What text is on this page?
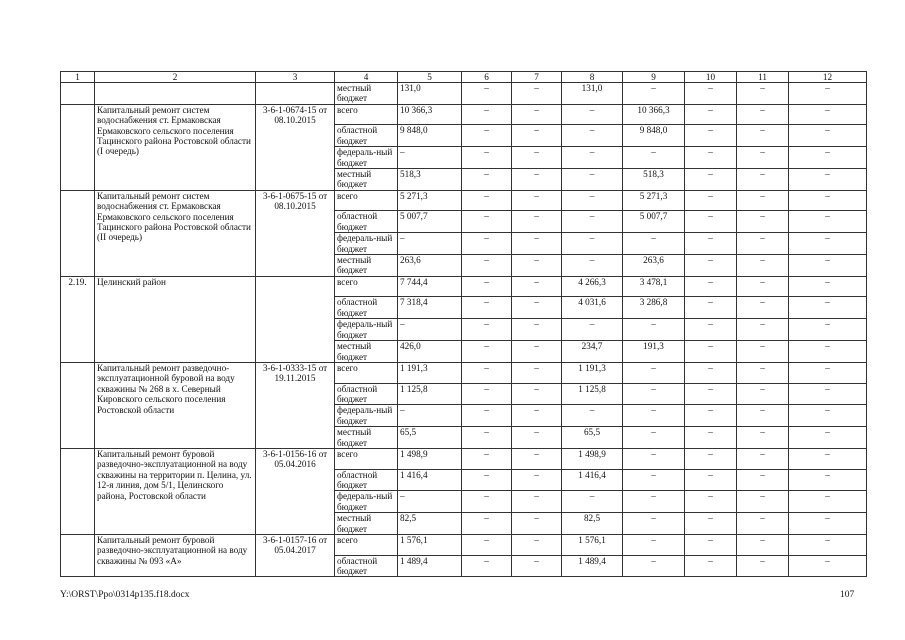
1	2	3	4	5	6	7	8	9	10	11	12
			местный бюджет	131,0	–	–	131,0	–	–	–	–
	Капитальный ремонт систем водоснабжения ст. Ермаковская Ермаковского сельского поселения Тацинского района Ростовской области (I очередь)	3-6-1-0674-15 от 08.10.2015	всего	10 366,3	–	–	–	10 366,3	–	–	–
			областной бюджет	9 848,0	–	–	–	9 848,0	–	–	–
			федераль-ный бюджет	–	–	–	–	–	–	–	–
			местный бюджет	518,3	–	–	–	518,3	–	–	–
	Капитальный ремонт систем водоснабжения ст. Ермаковская Ермаковского сельского поселения Тацинского района Ростовской области (II очередь)	3-6-1-0675-15 от 08.10.2015	всего	5 271,3	–	–	–	5 271,3	–	–	–
			областной бюджет	5 007,7	–	–	–	5 007,7	–	–	–
			федераль-ный бюджет	–	–	–	–	–	–	–	–
			местный бюджет	263,6	–	–	–	263,6	–	–	–
2.19.	Целинский район		всего	7 744,4	–	–	4 266,3	3 478,1	–	–	–
			областной бюджет	7 318,4	–	–	4 031,6	3 286,8	–	–	–
			федераль-ный бюджет	–	–	–	–	–	–	–	–
			местный бюджет	426,0	–	–	234,7	191,3	–	–	–
	Капитальный ремонт разведочно-эксплуатационной буровой на воду скважины № 268 в х. Северный Кировского сельского поселения Ростовской области	3-6-1-0333-15 от 19.11.2015	всего	1 191,3	–	–	1 191,3	–	–	–	–
			областной бюджет	1 125,8	–	–	1 125,8	–	–	–	–
			федераль-ный бюджет	–	–	–	–	–	–	–	–
			местный бюджет	65,5	–	–	65,5	–	–	–	–
	Капитальный ремонт буровой разведочно-эксплуатационной на воду скважины на территории п. Целина, ул. 12-я линия, дом 5/1, Целинского района, Ростовской области	3-6-1-0156-16 от 05.04.2016	всего	1 498,9	–	–	1 498,9	–	–	–	–
			областной бюджет	1 416,4	–	–	1 416,4	–	–	–	–
			федераль-ный бюджет	–	–	–	–	–	–	–	–
			местный бюджет	82,5	–	–	82,5	–	–	–	–
	Капитальный ремонт буровой разведочно-эксплуатационной на воду скважины № 093 «А»	3-6-1-0157-16 от 05.04.2017	всего	1 576,1	–	–	1 576,1	–	–	–	–
			областной бюджет	1 489,4	–	–	1 489,4	–	–	–	–
Y:\ORST\Ppo\0314p135.f18.docx	107
